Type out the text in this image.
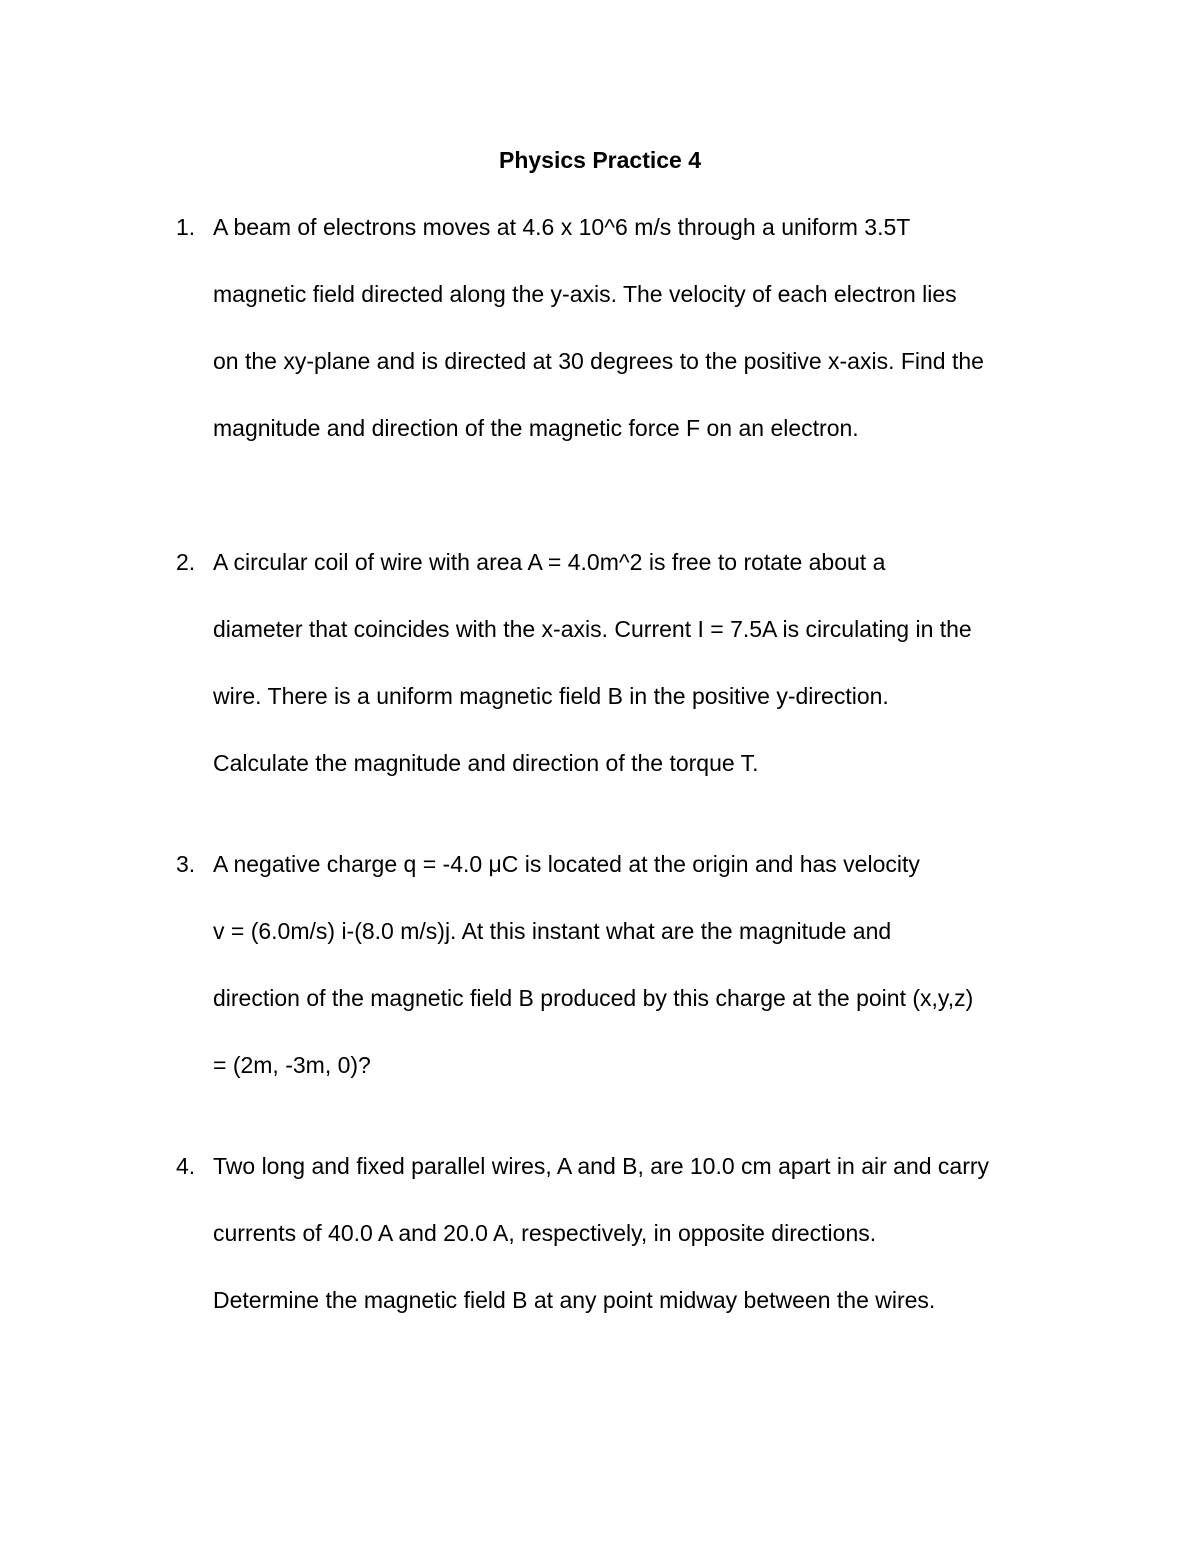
Physics Practice 4
1. A beam of electrons moves at 4.6 x 10^6 m/s through a uniform 3.5T
magnetic field directed along the y-axis. The velocity of each electron lies
on the xy-plane and is directed at 30 degrees to the positive x-axis. Find the
magnitude and direction of the magnetic force F on an electron.
2. A circular coil of wire with area A = 4.0m^2 is free to rotate about a
diameter that coincides with the x-axis. Current I = 7.5A is circulating in the
wire. There is a uniform magnetic field B in the positive y-direction.
Calculate the magnitude and direction of the torque T.
3. A negative charge q = -4.0 μC is located at the origin and has velocity
v = (6.0m/s) i-(8.0 m/s)j. At this instant what are the magnitude and
direction of the magnetic field B produced by this charge at the point (x,y,z)
= (2m, -3m, 0)?
4. Two long and fixed parallel wires, A and B, are 10.0 cm apart in air and carry
currents of 40.0 A and 20.0 A, respectively, in opposite directions.
Determine the magnetic field B at any point midway between the wires.
